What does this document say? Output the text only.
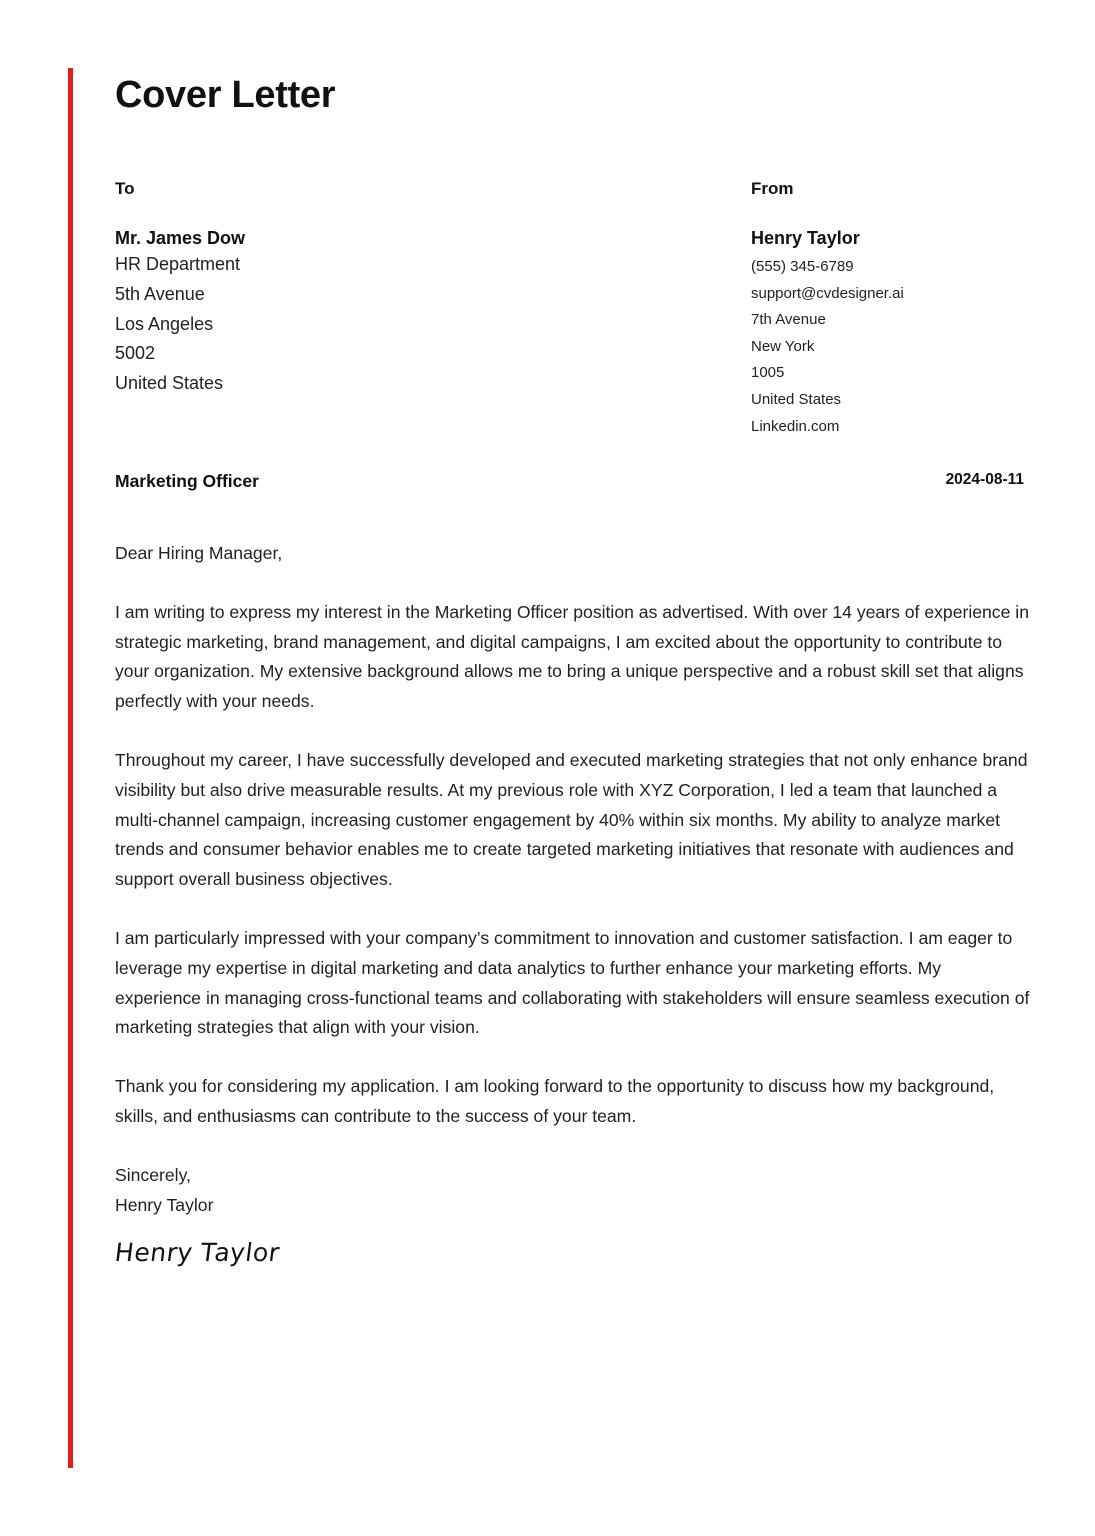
Cover Letter
To
Mr. James Dow
HR Department
5th Avenue
Los Angeles
5002
United States
From
Henry Taylor
(555) 345-6789
support@cvdesigner.ai
7th Avenue
New York
1005
United States
Linkedin.com
Marketing Officer	2024-08-11

Dear Hiring Manager,

I am writing to express my interest in the Marketing Officer position as advertised. With over 14 years of experience in strategic marketing, brand management, and digital campaigns, I am excited about the opportunity to contribute to your organization. My extensive background allows me to bring a unique perspective and a robust skill set that aligns perfectly with your needs.

Throughout my career, I have successfully developed and executed marketing strategies that not only enhance brand visibility but also drive measurable results. At my previous role with XYZ Corporation, I led a team that launched a multi-channel campaign, increasing customer engagement by 40% within six months. My ability to analyze market trends and consumer behavior enables me to create targeted marketing initiatives that resonate with audiences and support overall business objectives.

I am particularly impressed with your company’s commitment to innovation and customer satisfaction. I am eager to leverage my expertise in digital marketing and data analytics to further enhance your marketing efforts. My experience in managing cross-functional teams and collaborating with stakeholders will ensure seamless execution of marketing strategies that align with your vision.

Thank you for considering my application. I am looking forward to the opportunity to discuss how my background, skills, and enthusiasms can contribute to the success of your team.

Sincerely,
Henry Taylor
Henry Taylor
